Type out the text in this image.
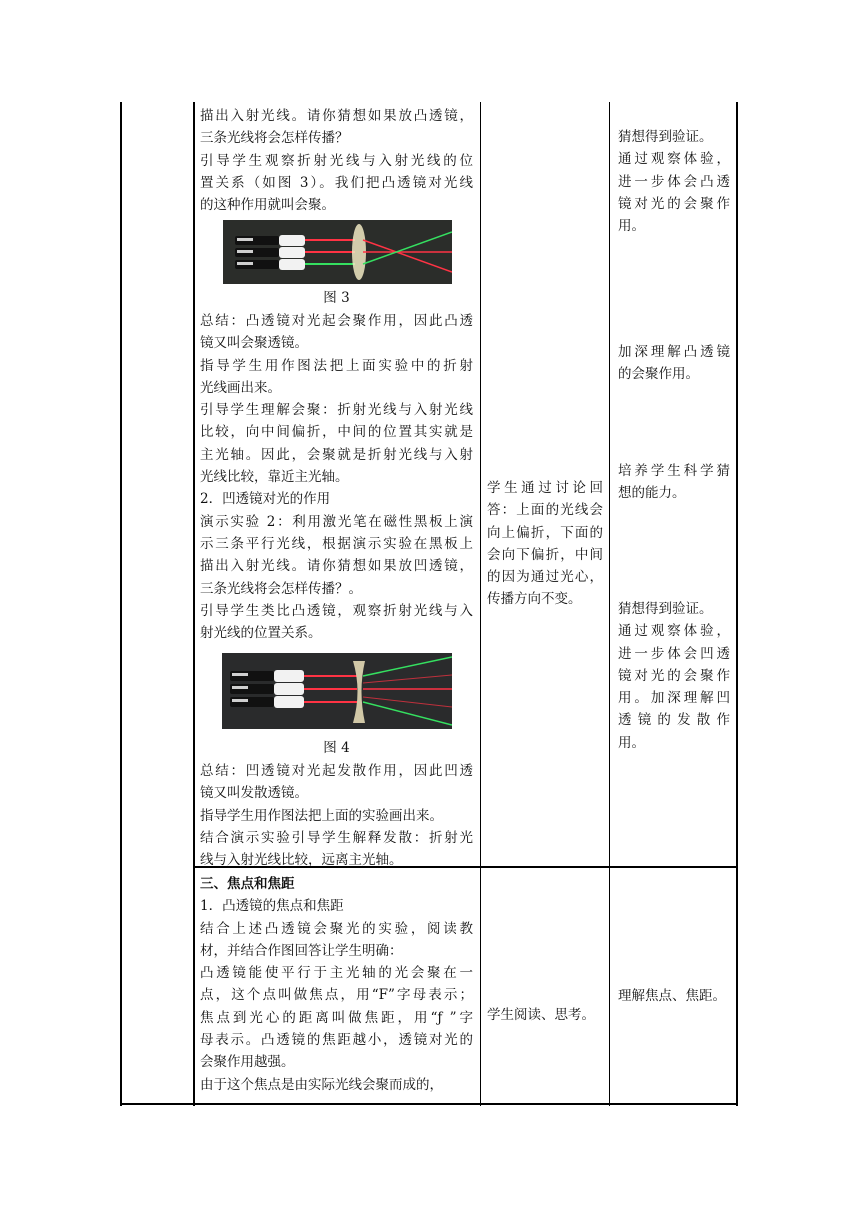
描出入射光线。请你猜想如果放凸透镜，

三条光线将会怎样传播？

引导学生观察折射光线与入射光线的位

置关系（如图 3）。我们把凸透镜对光线

的这种作用就叫会聚。

图 3

总结：凸透镜对光起会聚作用，因此凸透

镜又叫会聚透镜。

指导学生用作图法把上面实验中的折射

光线画出来。

引导学生理解会聚：折射光线与入射光线

比较，向中间偏折，中间的位置其实就是

主光轴。因此，会聚就是折射光线与入射

光线比较，靠近主光轴。

2．凹透镜对光的作用

演示实验 2：利用激光笔在磁性黑板上演

示三条平行光线，根据演示实验在黑板上

描出入射光线。请你猜想如果放凹透镜，

三条光线将会怎样传播？。

引导学生类比凸透镜，观察折射光线与入

射光线的位置关系。

图 4

总结：凹透镜对光起发散作用，因此凹透

镜又叫发散透镜。

指导学生用作图法把上面的实验画出来。

结合演示实验引导学生解释发散：折射光

线与入射光线比较，远离主光轴。

学生通过讨论回

答：上面的光线会

向上偏折，下面的

会向下偏折，中间

的因为通过光心，

传播方向不变。

猜想得到验证。

通过观察体验，

进一步体会凸透

镜对光的会聚作

用。

加深理解凸透镜

的会聚作用。

培养学生科学猜

想的能力。

猜想得到验证。

通过观察体验，

进一步体会凹透

镜对光的会聚作

用。加深理解凹

透镜的发散作

用。

三、焦点和焦距

1．凸透镜的焦点和焦距

结合上述凸透镜会聚光的实验，阅读教

材，并结合作图回答让学生明确：

凸透镜能使平行于主光轴的光会聚在一

点，这个点叫做焦点，用“F”字母表示；

焦点到光心的距离叫做焦距，用“ƒ ”字

母表示。凸透镜的焦距越小，透镜对光的

会聚作用越强。

由于这个焦点是由实际光线会聚而成的，

学生阅读、思考。
理解焦点、焦距。
